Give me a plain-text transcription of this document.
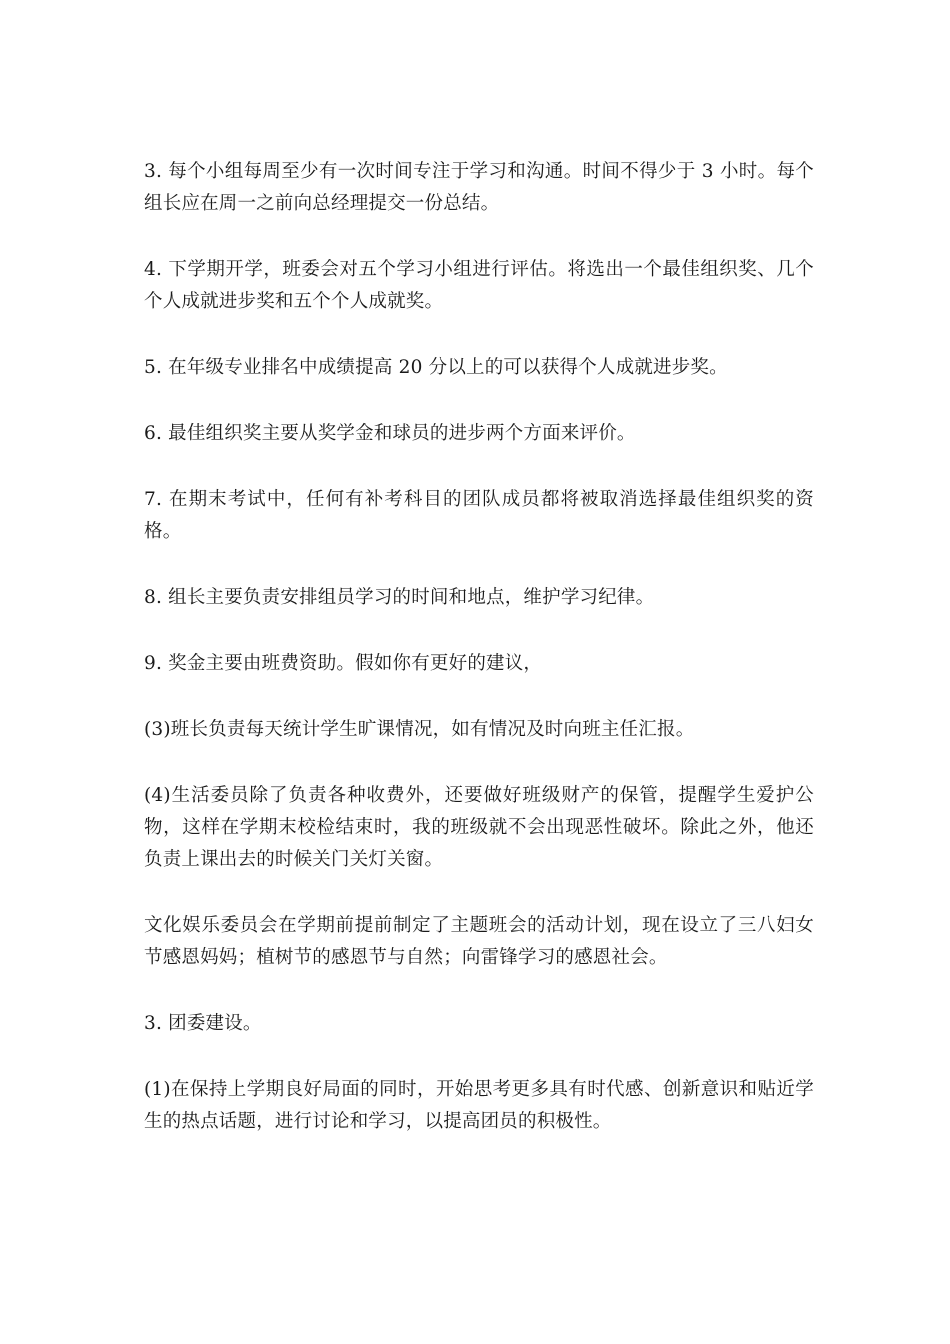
3. 每个小组每周至少有一次时间专注于学习和沟通。时间不得少于 3 小时。每个组长应在周一之前向总经理提交一份总结。

4. 下学期开学，班委会对五个学习小组进行评估。将选出一个最佳组织奖、几个个人成就进步奖和五个个人成就奖。

5. 在年级专业排名中成绩提高 20 分以上的可以获得个人成就进步奖。

6. 最佳组织奖主要从奖学金和球员的进步两个方面来评价。

7. 在期末考试中，任何有补考科目的团队成员都将被取消选择最佳组织奖的资格。

8. 组长主要负责安排组员学习的时间和地点，维护学习纪律。

9. 奖金主要由班费资助。假如你有更好的建议，

(3)班长负责每天统计学生旷课情况，如有情况及时向班主任汇报。

(4)生活委员除了负责各种收费外，还要做好班级财产的保管，提醒学生爱护公物，这样在学期末校检结束时，我的班级就不会出现恶性破坏。除此之外，他还负责上课出去的时候关门关灯关窗。

文化娱乐委员会在学期前提前制定了主题班会的活动计划，现在设立了三八妇女节感恩妈妈；植树节的感恩节与自然；向雷锋学习的感恩社会。

3. 团委建设。

(1)在保持上学期良好局面的同时，开始思考更多具有时代感、创新意识和贴近学生的热点话题，进行讨论和学习，以提高团员的积极性。
